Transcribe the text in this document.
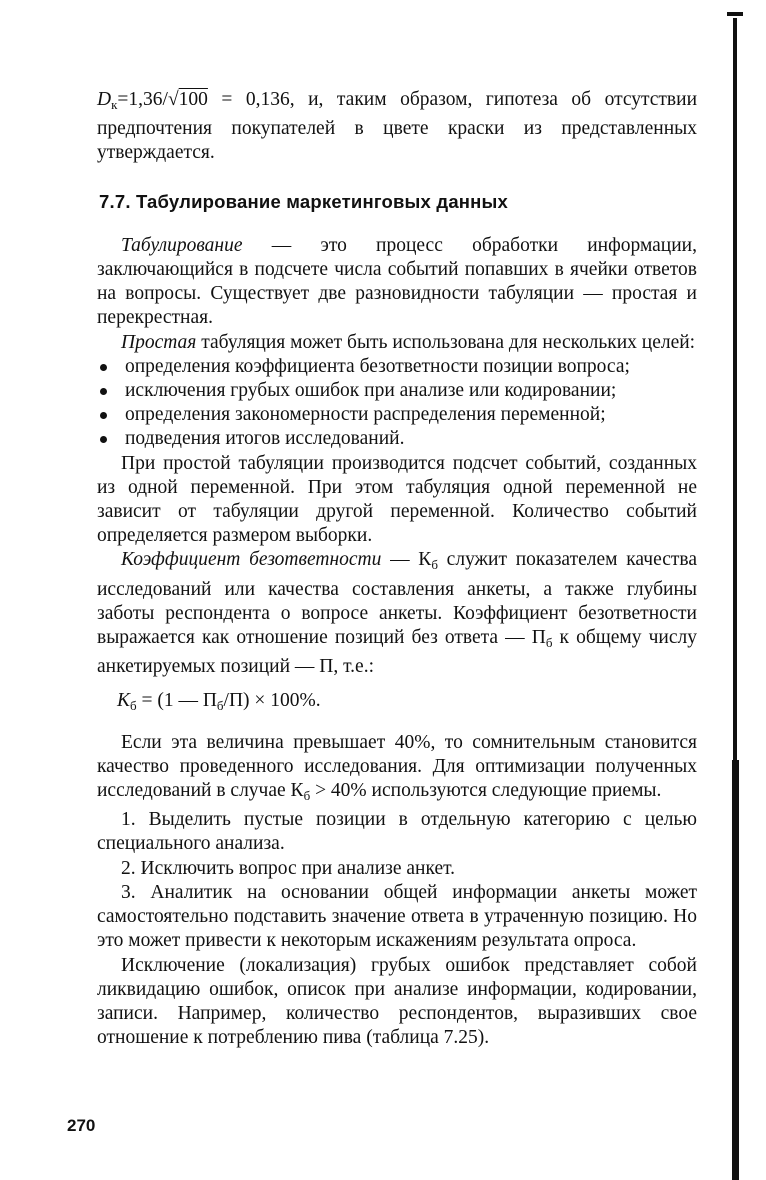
$D_к=1,36/√100 = 0,136$, и, таким образом, гипотеза об отсутствии предпочтения покупателей в цвете краски из представленных утверждается.

7.7. Табулирование маркетинговых данных

Табулирование — это процесс обработки информации, заключающийся в подсчете числа событий попавших в ячейки ответов на вопросы. Существует две разновидности табуляции — простая и перекрестная.

Простая табуляция может быть использована для нескольких целей:

определения коэффициента безответности позиции вопроса;
исключения грубых ошибок при анализе или кодировании;
определения закономерности распределения переменной;
подведения итогов исследований.

При простой табуляции производится подсчет событий, созданных из одной переменной. При этом табуляция одной переменной не зависит от табуляции другой переменной. Количество событий определяется размером выборки.

Коэффициент безответности — $К_б$ служит показателем качества исследований или качества составления анкеты, а также глубины заботы респондента о вопросе анкеты. Коэффициент безответности выражается как отношение позиций без ответа — $П_б$ к общему числу анкетируемых позиций — П, т.е.:

$К_б = (1$ — $П_б/П) \times 100\%$.

Если эта величина превышает 40%, то сомнительным становится качество проведенного исследования. Для оптимизации полученных исследований в случае $К_б > 40\%$ используются следующие приемы.

1. Выделить пустые позиции в отдельную категорию с целью специального анализа.

2. Исключить вопрос при анализе анкет.

3. Аналитик на основании общей информации анкеты может самостоятельно подставить значение ответа в утраченную позицию. Но это может привести к некоторым искажениям результата опроса.

Исключение (локализация) грубых ошибок представляет собой ликвидацию ошибок, описок при анализе информации, кодировании, записи. Например, количество респондентов, выразивших свое отношение к потреблению пива (таблица 7.25).

270
